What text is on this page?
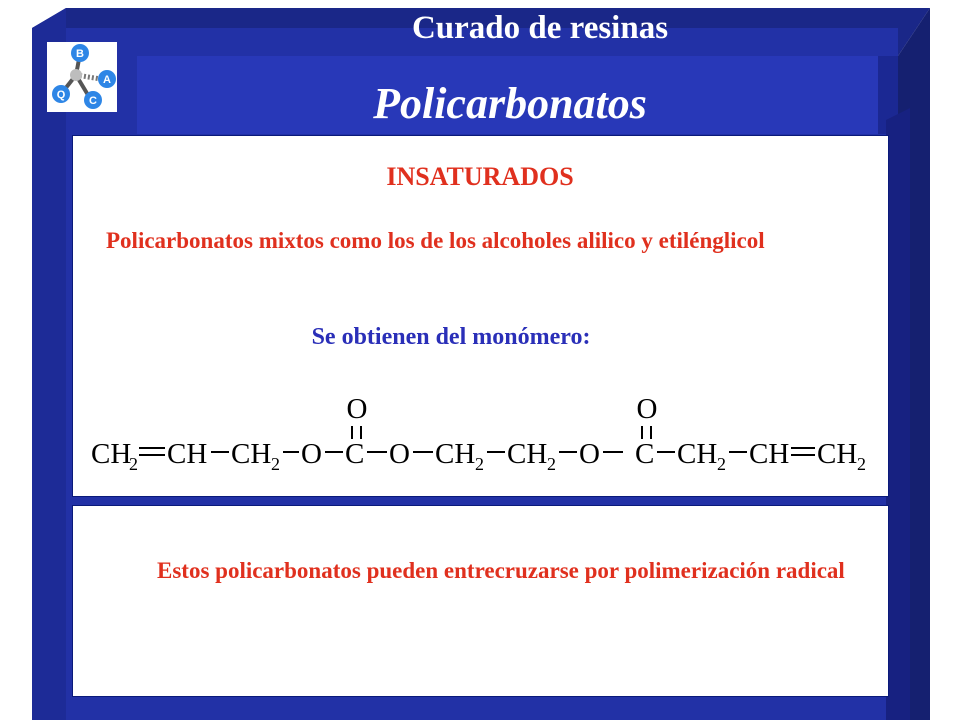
B
A
C
Q
Curado de resinas
Policarbonatos
INSATURADOS
Policarbonatos mixtos como los de los alcoholes alilico y etilénglicol
Se obtienen del monómero:
O	O
CH
2 CH CH 2 O C O CH 2 CH 2 O C CH 2 CH CH 2
Estos policarbonatos pueden entrecruzarse por polimerización radical
